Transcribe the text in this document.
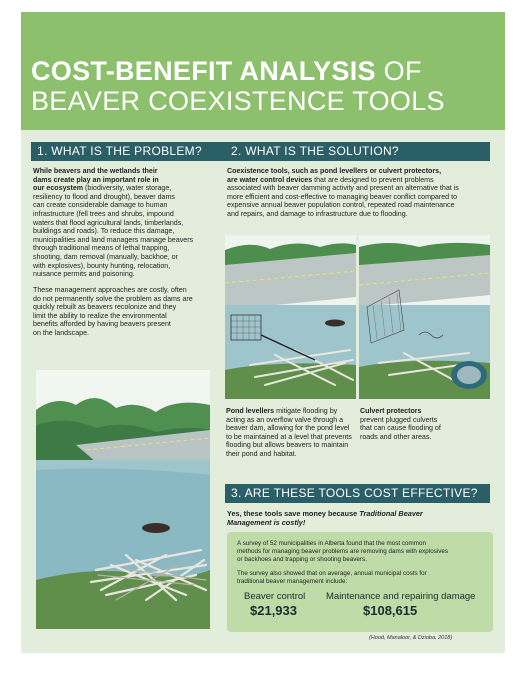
COST-BENEFIT ANALYSIS OF
BEAVER COEXISTENCE TOOLS
1. WHAT IS THE PROBLEM?
While beavers and the wetlands their
dams create play an important role in
our ecosystem (biodiversity, water storage,
resiliency to flood and drought), beaver dams
can create considerable damage to human
infrastructure (fell trees and shrubs, impound
waters that flood agricultural lands, timberlands,
buildings and roads). To reduce this damage,
municipalities and land managers manage beavers
through traditional means of lethal trapping,
shooting, dam removal (manually, backhoe, or
with explosives), bounty hunting, relocation,
nuisance permits and poisoning.
These management approaches are costly, often
do not permanently solve the problem as dams are
quickly rebuilt as beavers recolonize and they
limit the ability to realize the environmental
benefits afforded by having beavers present
on the landscape.
2. WHAT IS THE SOLUTION?
Coexistence tools, such as pond levellers or culvert protectors,
are water control devices that are designed to prevent problems
associated with beaver damming activity and present an alternative that is
more efficient and cost-effective to managing beaver conflict compared to
expensive annual beaver population control, repeated road maintenance
and repairs, and damage to infrastructure due to flooding.
Pond levellers mitigate flooding by
acting as an overflow valve through a
beaver dam, allowing for the pond level
to be maintained at a level that prevents
flooding but allows beavers to maintain
their pond and habitat.
Culvert protectors
prevent plugged culverts
that can cause flooding of
roads and other areas.
3. ARE THESE TOOLS COST EFFECTIVE?
Yes, these tools save money because Traditional Beaver
Management is costly!
A survey of 52 municipalities in Alberta found that the most common
methods for managing beaver problems are removing dams with explosives
or backhoes and trapping or shooting beavers.
The survey also showed that on average, annual municipal costs for
traditional beaver management include:
Beaver control
$21,933
Maintenance and repairing damage
$108,615
(Hood, Manaloor, & Dzioba, 2018)
